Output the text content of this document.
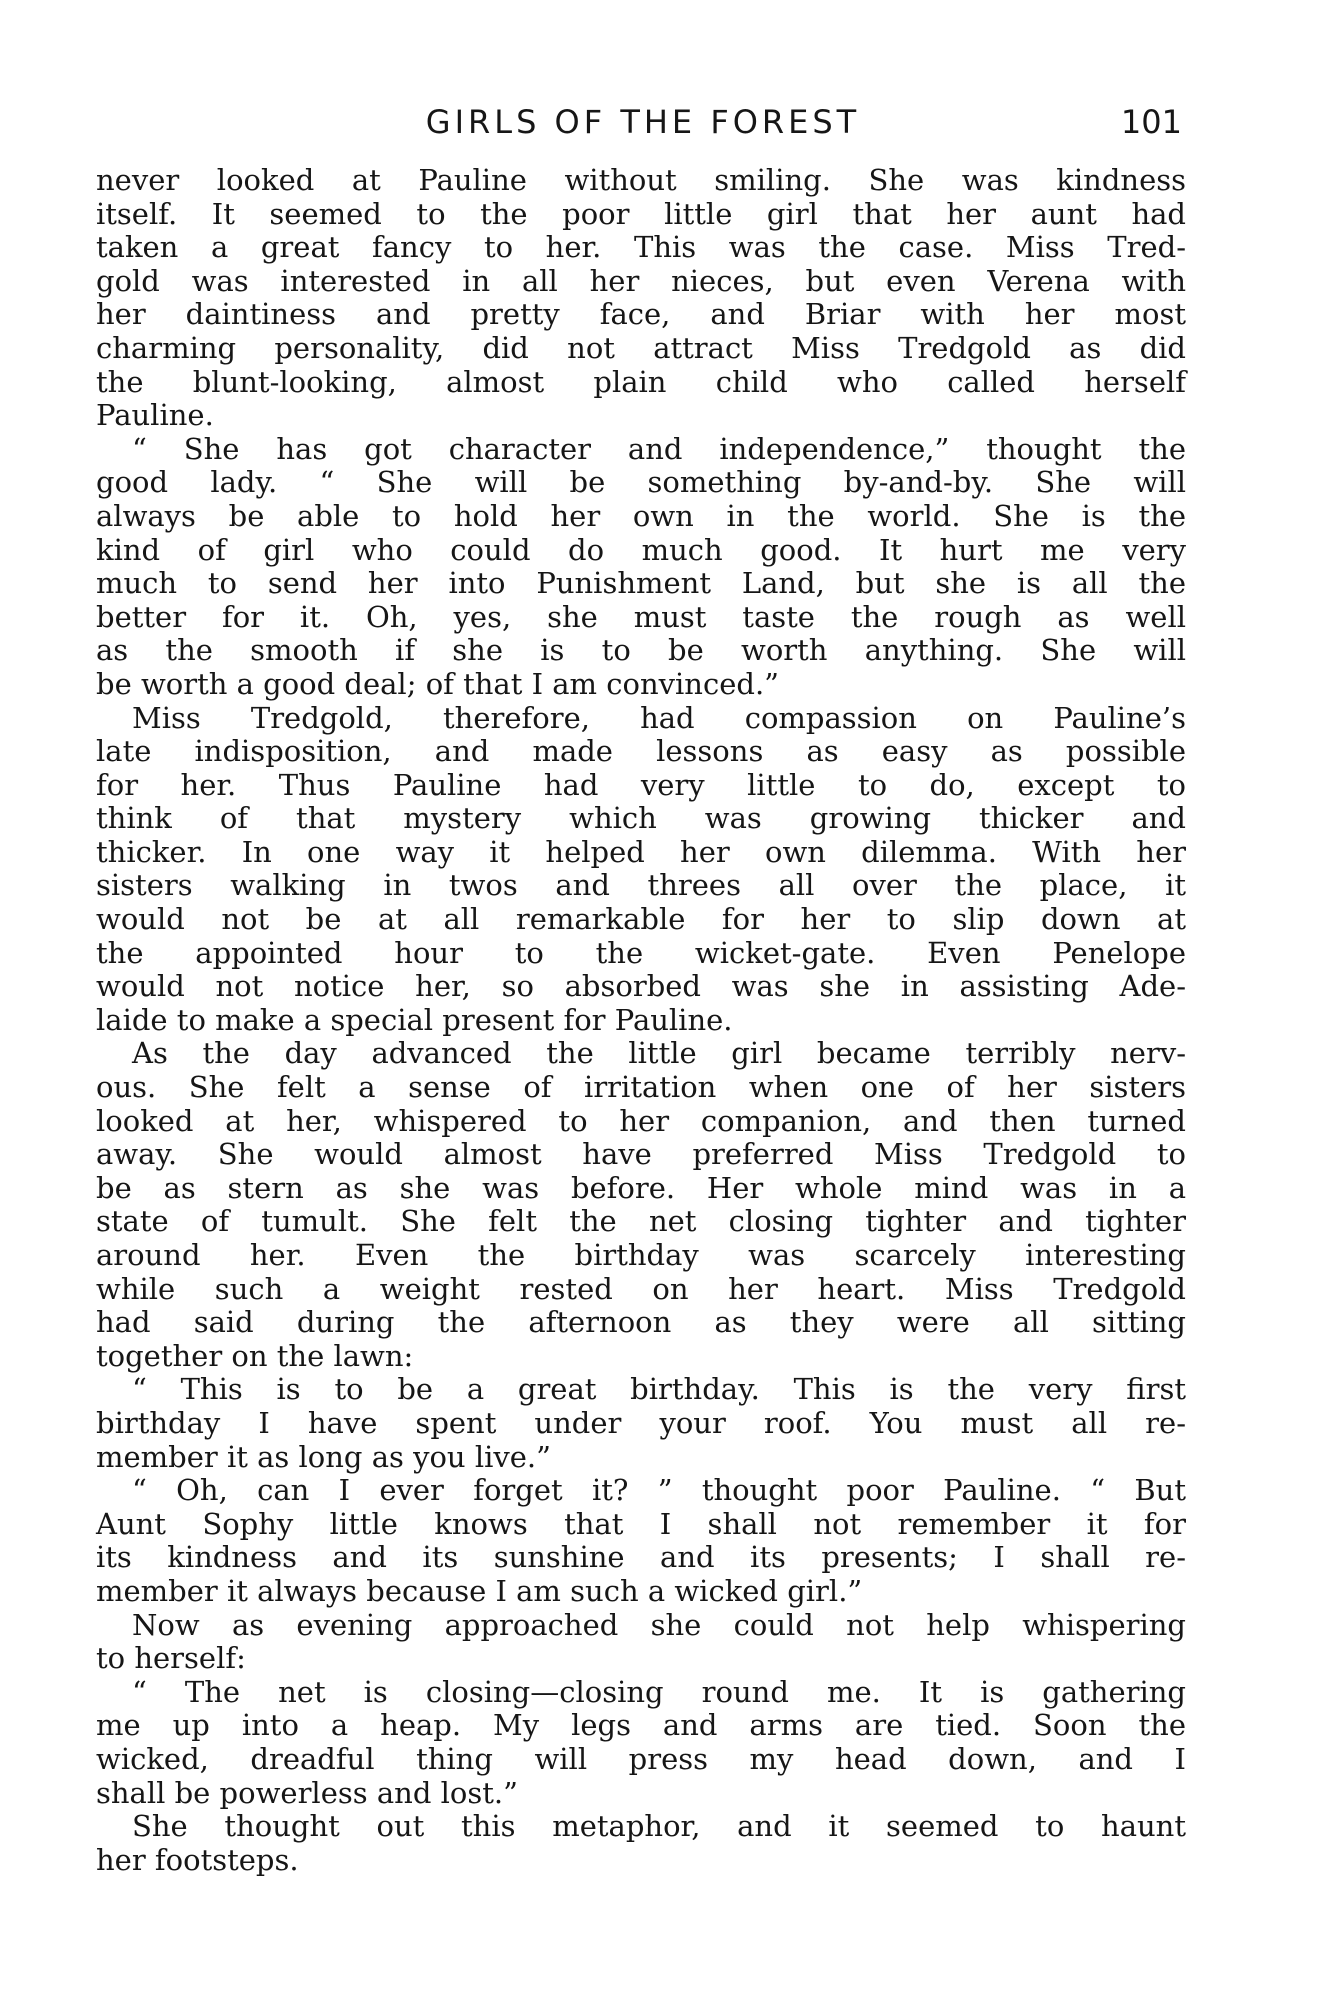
GIRLS OF THE FOREST	101
never looked at Pauline without smiling. She was kindness
itself. It seemed to the poor little girl that her aunt had
taken a great fancy to her. This was the case. Miss Tred-
gold was interested in all her nieces, but even Verena with
her daintiness and pretty face, and Briar with her most
charming personality, did not attract Miss Tredgold as did
the blunt-looking, almost plain child who called herself
Pauline.
“ She has got character and independence,” thought the
good lady. “ She will be something by-and-by. She will
always be able to hold her own in the world. She is the
kind of girl who could do much good. It hurt me very
much to send her into Punishment Land, but she is all the
better for it. Oh, yes, she must taste the rough as well
as the smooth if she is to be worth anything. She will
be worth a good deal; of that I am convinced.”
Miss Tredgold, therefore, had compassion on Pauline’s
late indisposition, and made lessons as easy as possible
for her. Thus Pauline had very little to do, except to
think of that mystery which was growing thicker and
thicker. In one way it helped her own dilemma. With her
sisters walking in twos and threes all over the place, it
would not be at all remarkable for her to slip down at
the appointed hour to the wicket-gate. Even Penelope
would not notice her, so absorbed was she in assisting Ade-
laide to make a special present for Pauline.
As the day advanced the little girl became terribly nerv-
ous. She felt a sense of irritation when one of her sisters
looked at her, whispered to her companion, and then turned
away. She would almost have preferred Miss Tredgold to
be as stern as she was before. Her whole mind was in a
state of tumult. She felt the net closing tighter and tighter
around her. Even the birthday was scarcely interesting
while such a weight rested on her heart. Miss Tredgold
had said during the afternoon as they were all sitting
together on the lawn:
“ This is to be a great birthday. This is the very first
birthday I have spent under your roof. You must all re-
member it as long as you live.”
“ Oh, can I ever forget it? ” thought poor Pauline. “ But
Aunt Sophy little knows that I shall not remember it for
its kindness and its sunshine and its presents; I shall re-
member it always because I am such a wicked girl.”
Now as evening approached she could not help whispering
to herself:
“ The net is closing—closing round me. It is gathering
me up into a heap. My legs and arms are tied. Soon the
wicked, dreadful thing will press my head down, and I
shall be powerless and lost.”
She thought out this metaphor, and it seemed to haunt
her footsteps.
